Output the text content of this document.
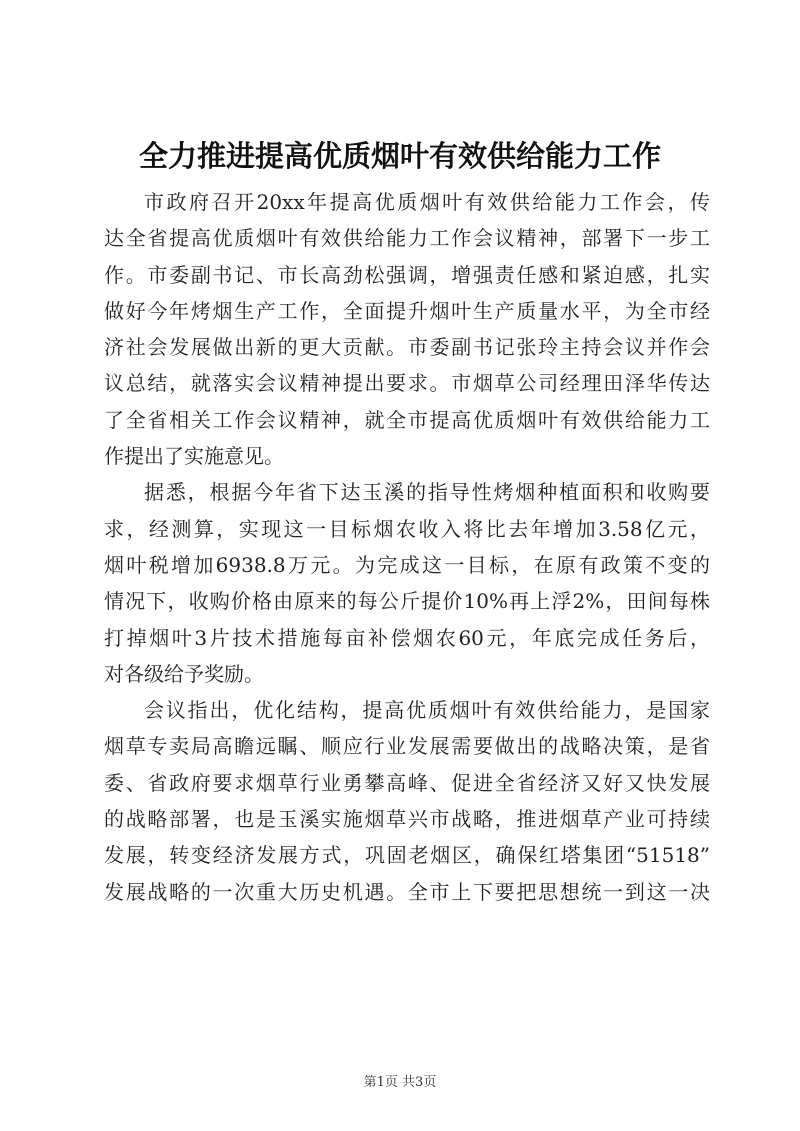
全力推进提高优质烟叶有效供给能力工作
市政府召开20xx年提高优质烟叶有效供给能力工作会，传
达全省提高优质烟叶有效供给能力工作会议精神，部署下一步工
作。市委副书记、市长高劲松强调，增强责任感和紧迫感，扎实
做好今年烤烟生产工作，全面提升烟叶生产质量水平，为全市经
济社会发展做出新的更大贡献。市委副书记张玲主持会议并作会
议总结，就落实会议精神提出要求。市烟草公司经理田泽华传达
了全省相关工作会议精神，就全市提高优质烟叶有效供给能力工
作提出了实施意见。
据悉，根据今年省下达玉溪的指导性烤烟种植面积和收购要
求，经测算，实现这一目标烟农收入将比去年增加3.58亿元，
烟叶税增加6938.8万元。为完成这一目标，在原有政策不变的
情况下，收购价格由原来的每公斤提价10%再上浮2%，田间每株
打掉烟叶3片技术措施每亩补偿烟农60元，年底完成任务后，
对各级给予奖励。
会议指出，优化结构，提高优质烟叶有效供给能力，是国家
烟草专卖局高瞻远瞩、顺应行业发展需要做出的战略决策，是省
委、省政府要求烟草行业勇攀高峰、促进全省经济又好又快发展
的战略部署，也是玉溪实施烟草兴市战略，推进烟草产业可持续
发展，转变经济发展方式，巩固老烟区，确保红塔集团“51518”
发展战略的一次重大历史机遇。全市上下要把思想统一到这一决
第1页 共3页
